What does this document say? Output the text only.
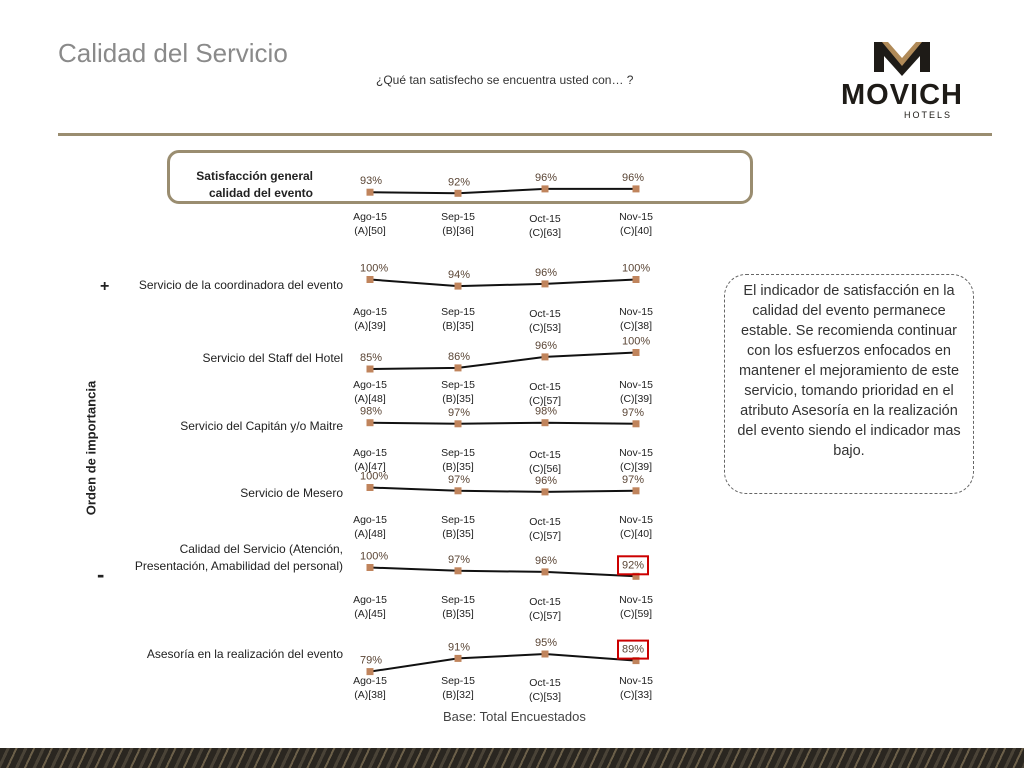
Calidad del Servicio
¿Qué tan satisfecho se encuentra usted con… ?	MOVICH
HOTELS
Satisfacción general
calidad del evento
93%
Ago-15
(A)[50]
92%
Sep-15
(B)[36]
96%
Oct-15
(C)[63]
96%
Nov-15
(C)[40]
Servicio de la coordinadora del evento
100%
Ago-15
(A)[39]
94%
Sep-15
(B)[35]
96%
Oct-15
(C)[53]
100%
Nov-15
(C)[38]
Servicio del Staff del Hotel 85%
Ago-15
(A)[48]
86%
Sep-15
(B)[35]
96%
Oct-15
(C)[57]
100%
Nov-15
(C)[39]
Servicio del Capitán y/o Maitre
98%
Ago-15
(A)[47]
97%
Sep-15
(B)[35]
98%
Oct-15
(C)[56]
97%
Nov-15
(C)[39]
Servicio de Mesero
100%
Ago-15
(A)[48]
97%
Sep-15
(B)[35]
96%
Oct-15
(C)[57]
97%
Nov-15
(C)[40]
Calidad del Servicio (Atención,
Presentación, Amabilidad del personal)
100%
Ago-15
(A)[45]
97%
Sep-15
(B)[35]
96%
Oct-15
(C)[57]
92%
Nov-15
(C)[59]
Asesoría en la realización del evento 79%
Ago-15
(A)[38]
91%
Sep-15
(B)[32]
95%
Oct-15
(C)[53]
89%
Nov-15
(C)[33]
Orden de importancia
+
-
El indicador de satisfacción en la calidad del evento permanece estable. Se recomienda continuar con los esfuerzos enfocados en mantener el mejoramiento de este servicio, tomando prioridad en el atributo Asesoría en la realización del evento siendo el indicador mas bajo.
Base: Total Encuestados
